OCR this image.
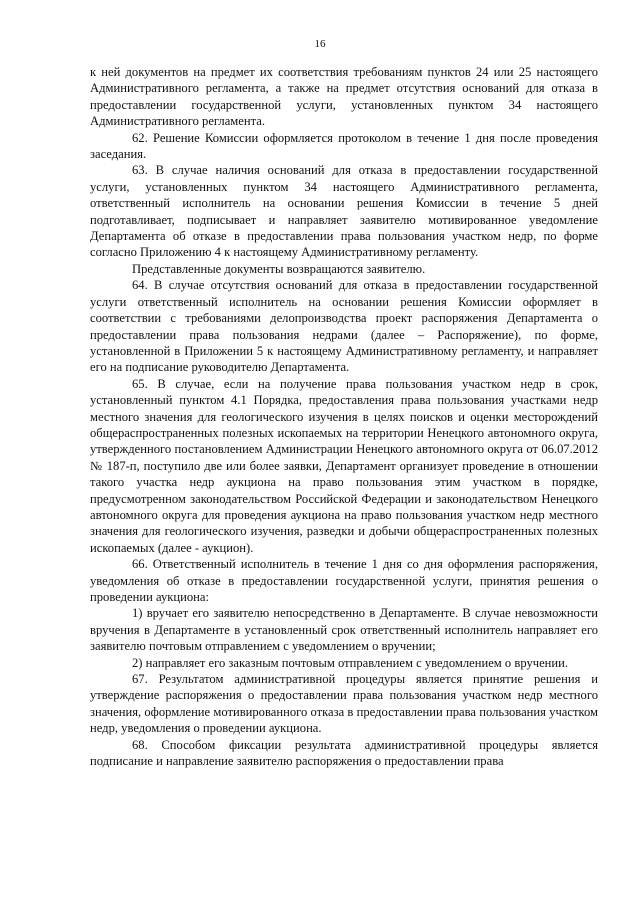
16

к ней документов на предмет их соответствия требованиям пунктов 24 или 25 настоящего Административного регламента, а также на предмет отсутствия оснований для отказа в предоставлении государственной услуги, установленных пунктом 34 настоящего Административного регламента.

62. Решение Комиссии оформляется протоколом в течение 1 дня после проведения заседания.

63. В случае наличия оснований для отказа в предоставлении государственной услуги, установленных пунктом 34 настоящего Административного регламента, ответственный исполнитель на основании решения Комиссии в течение 5 дней подготавливает, подписывает и направляет заявителю мотивированное уведомление Департамента об отказе в предоставлении права пользования участком недр, по форме согласно Приложению 4 к настоящему Административному регламенту.

Представленные документы возвращаются заявителю.

64. В случае отсутствия оснований для отказа в предоставлении государственной услуги ответственный исполнитель на основании решения Комиссии оформляет в соответствии с требованиями делопроизводства проект распоряжения Департамента о предоставлении права пользования недрами (далее – Распоряжение), по форме, установленной в Приложении 5 к настоящему Административному регламенту, и направляет его на подписание руководителю Департамента.

65. В случае, если на получение права пользования участком недр в срок, установленный пунктом 4.1 Порядка, предоставления права пользования участками недр местного значения для геологического изучения в целях поисков и оценки месторождений общераспространенных полезных ископаемых на территории Ненецкого автономного округа, утвержденного постановлением Администрации Ненецкого автономного округа от 06.07.2012 № 187-п, поступило две или более заявки, Департамент организует проведение в отношении такого участка недр аукциона на право пользования этим участком в порядке, предусмотренном законодательством Российской Федерации и законодательством Ненецкого автономного округа для проведения аукциона на право пользования участком недр местного значения для геологического изучения, разведки и добычи общераспространенных полезных ископаемых (далее - аукцион).

66. Ответственный исполнитель в течение 1 дня со дня оформления распоряжения, уведомления об отказе в предоставлении государственной услуги, принятия решения о проведении аукциона:

1) вручает его заявителю непосредственно в Департаменте. В случае невозможности вручения в Департаменте в установленный срок ответственный исполнитель направляет его заявителю почтовым отправлением с уведомлением о вручении;

2) направляет его заказным почтовым отправлением с уведомлением о вручении.

67. Результатом административной процедуры является принятие решения и утверждение распоряжения о предоставлении права пользования участком недр местного значения, оформление мотивированного отказа в предоставлении права пользования участком недр, уведомления о проведении аукциона.

68. Способом фиксации результата административной процедуры является подписание и направление заявителю распоряжения о предоставлении права
